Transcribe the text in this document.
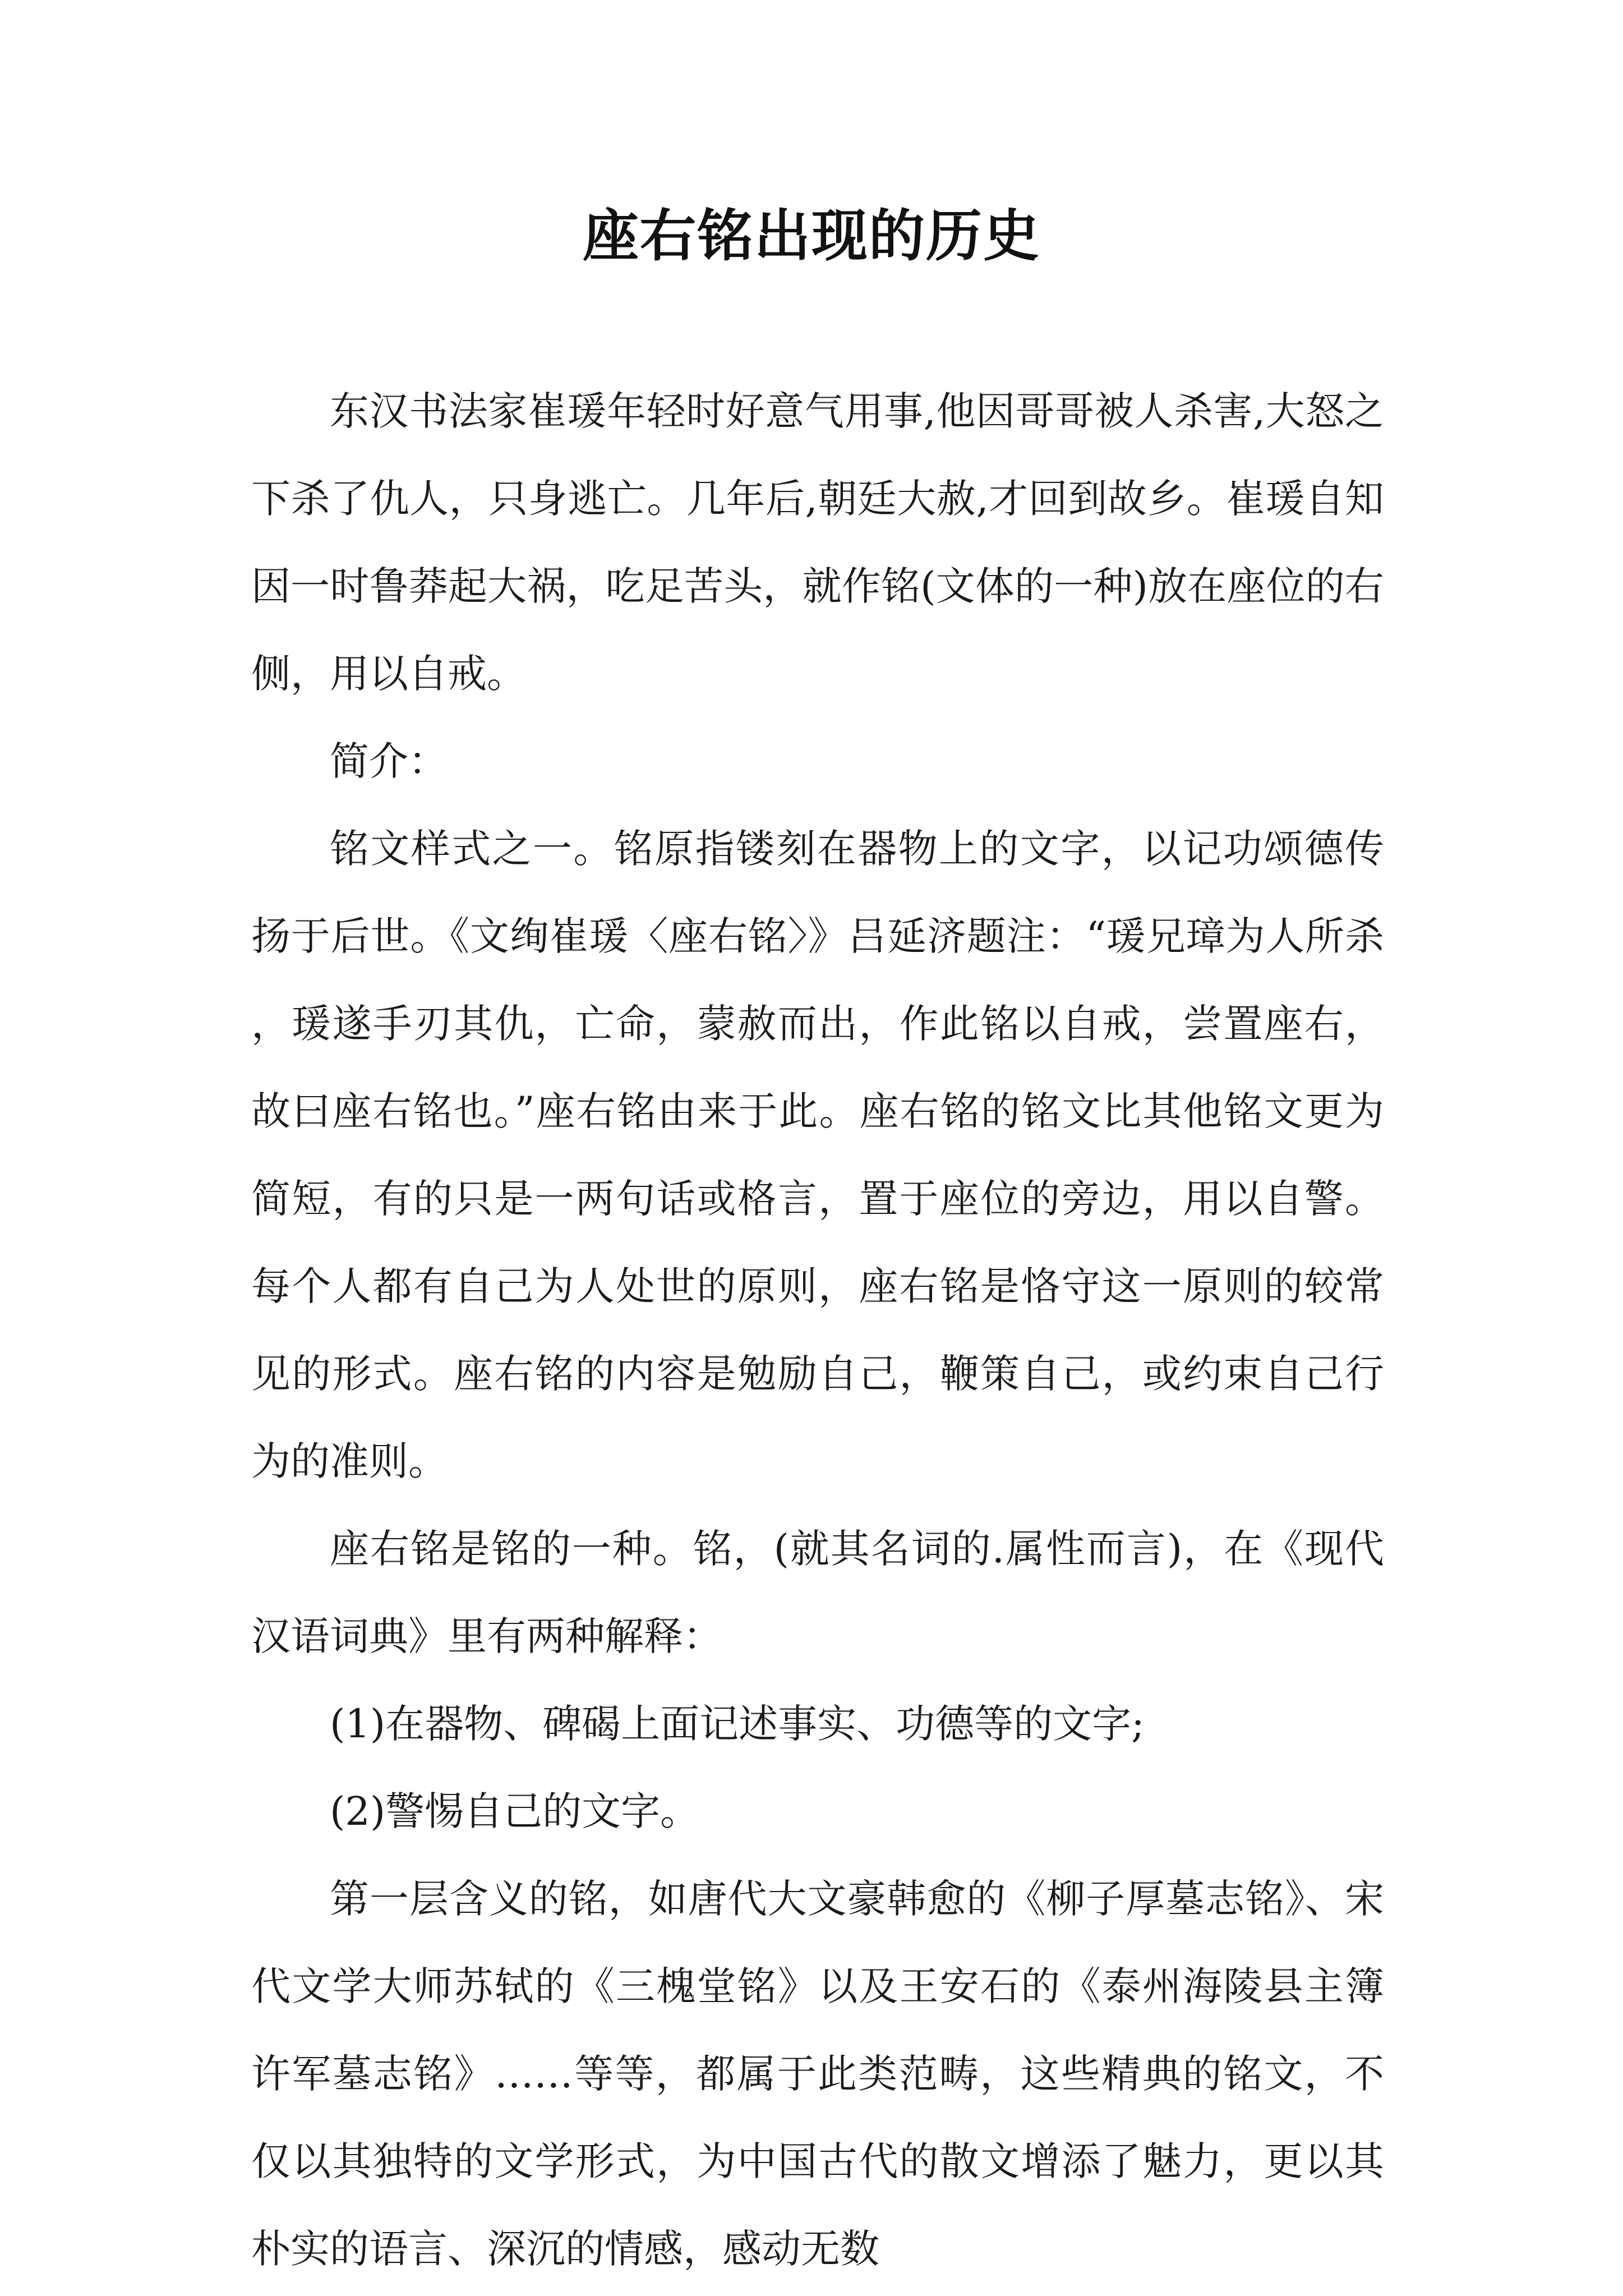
座右铭出现的历史

东汉书法家崔瑗年轻时好意气用事,他因哥哥被人杀害,大怒之下杀了仇人，只身逃亡。几年后,朝廷大赦,才回到故乡。崔瑗自知因一时鲁莽起大祸，吃足苦头，就作铭(文体的一种)放在座位的右侧，用以自戒。

简介：

铭文样式之一。铭原指镂刻在器物上的文字，以记功颂德传扬于后世。《文绚崔瑗〈座右铭〉》吕延济题注：“瑗兄璋为人所杀，瑗遂手刃其仇，亡命，蒙赦而出，作此铭以自戒，尝置座右，故曰座右铭也。”座右铭由来于此。座右铭的铭文比其他铭文更为简短，有的只是一两句话或格言，置于座位的旁边，用以自警。每个人都有自己为人处世的原则，座右铭是恪守这一原则的较常见的形式。座右铭的内容是勉励自己，鞭策自己，或约束自己行为的准则。

座右铭是铭的一种。铭，(就其名词的.属性而言)，在《现代汉语词典》里有两种解释：

(1)在器物、碑碣上面记述事实、功德等的文字;

(2)警惕自己的文字。

第一层含义的铭，如唐代大文豪韩愈的《柳子厚墓志铭》、宋代文学大师苏轼的《三槐堂铭》以及王安石的《泰州海陵县主簿许军墓志铭》……等等，都属于此类范畴，这些精典的铭文，不仅以其独特的文学形式，为中国古代的散文增添了魅力，更以其朴实的语言、深沉的情感，感动无数
